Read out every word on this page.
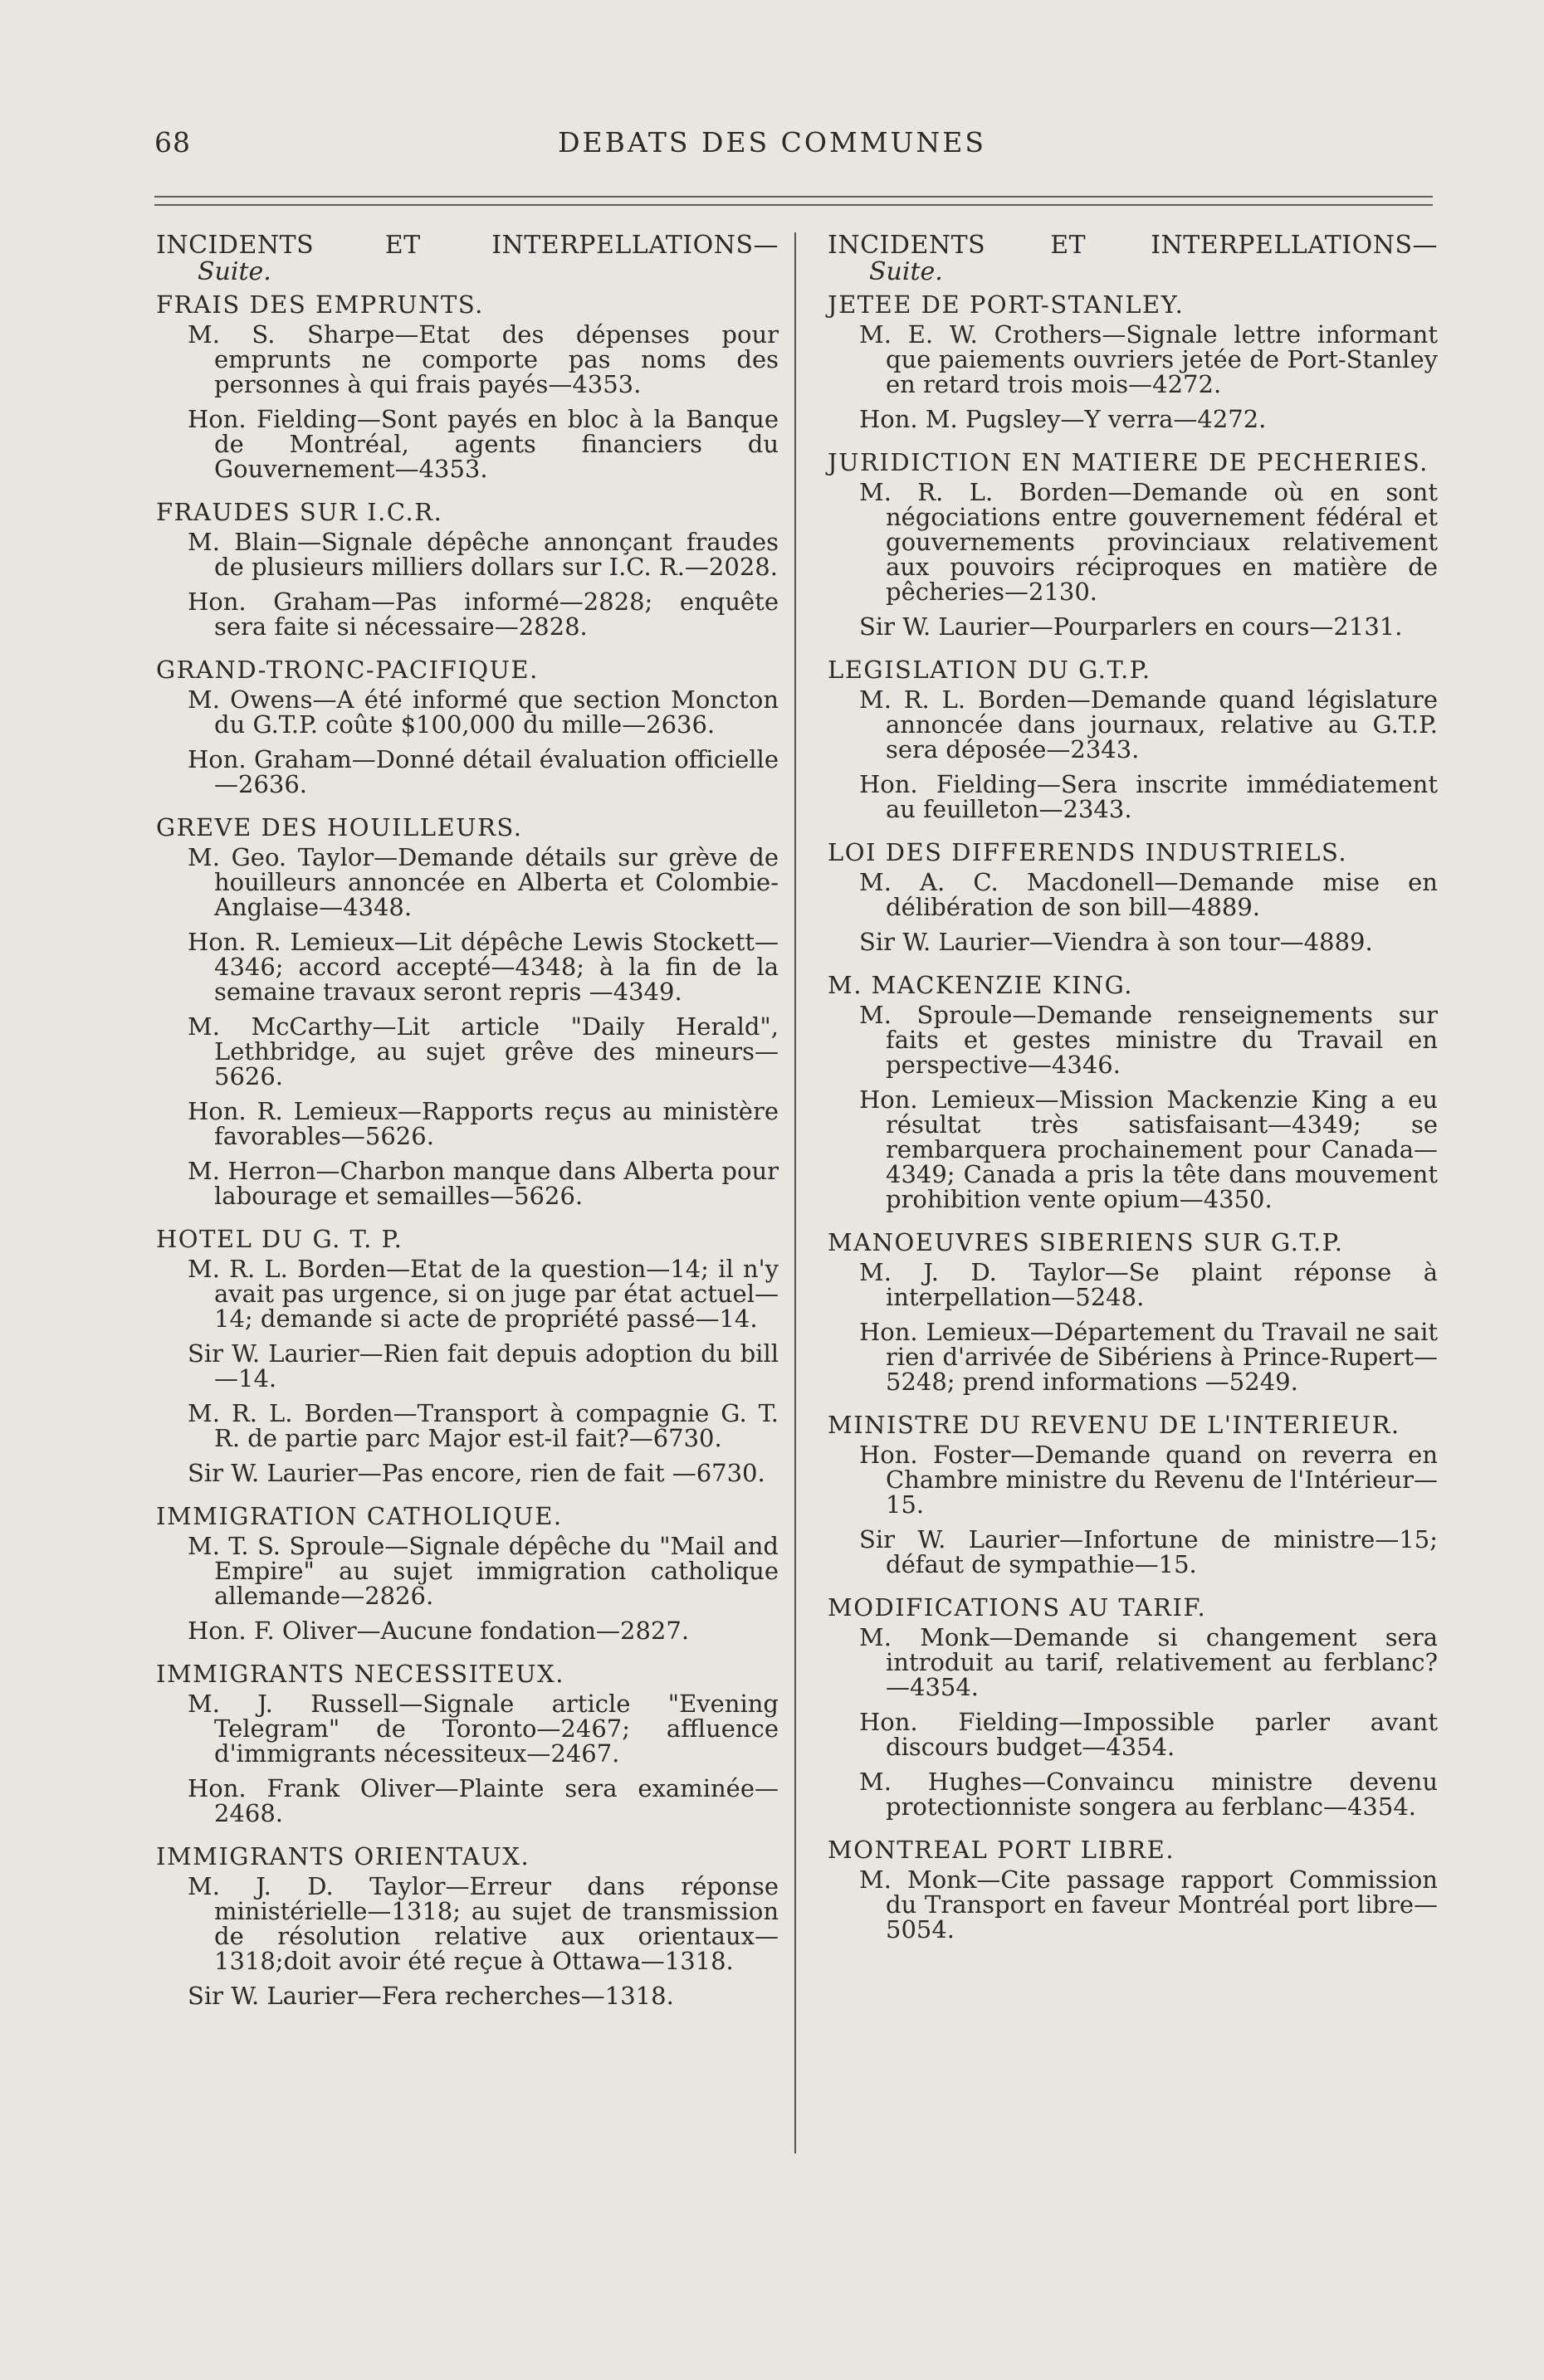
68	DEBATS DES COMMUNES
INCIDENTS	ET	INTERPELLATIONS—
Suite.
FRAIS DES EMPRUNTS.
M. S. Sharpe—Etat des dépenses pour emprunts ne comporte pas noms des personnes à qui frais payés—4353.
Hon. Fielding—Sont payés en bloc à la Banque de Montréal, agents financiers du Gouvernement—4353.
FRAUDES SUR I.C.R.
M. Blain—Signale dépêche annonçant fraudes de plusieurs milliers dollars sur I.C. R.—2028.
Hon. Graham—Pas informé—2828; enquête sera faite si nécessaire—2828.
GRAND-TRONC-PACIFIQUE.
M. Owens—A été informé que section Moncton du G.T.P. coûte $100,000 du mille—2636.
Hon. Graham—Donné détail évaluation officielle—2636.
GREVE DES HOUILLEURS.
M. Geo. Taylor—Demande détails sur grève de houilleurs annoncée en Alberta et Colombie-Anglaise—4348.
Hon. R. Lemieux—Lit dépêche Lewis Stockett—4346; accord accepté—4348; à la fin de la semaine travaux seront repris —4349.
M. McCarthy—Lit article "Daily Herald", Lethbridge, au sujet grêve des mineurs—5626.
Hon. R. Lemieux—Rapports reçus au ministère favorables—5626.
M. Herron—Charbon manque dans Alberta pour labourage et semailles—5626.
HOTEL DU G. T. P.
M. R. L. Borden—Etat de la question—14; il n'y avait pas urgence, si on juge par état actuel—14; demande si acte de propriété passé—14.
Sir W. Laurier—Rien fait depuis adoption du bill—14.
M. R. L. Borden—Transport à compagnie G. T. R. de partie parc Major est-il fait?—6730.
Sir W. Laurier—Pas encore, rien de fait —6730.
IMMIGRATION CATHOLIQUE.
M. T. S. Sproule—Signale dépêche du "Mail and Empire" au sujet immigration catholique allemande—2826.
Hon. F. Oliver—Aucune fondation—2827.
IMMIGRANTS NECESSITEUX.
M. J. Russell—Signale article "Evening Telegram" de Toronto—2467; affluence d'immigrants nécessiteux—2467.
Hon. Frank Oliver—Plainte sera examinée—2468.
IMMIGRANTS ORIENTAUX.
M. J. D. Taylor—Erreur dans réponse ministérielle—1318; au sujet de transmission de résolution relative aux orientaux—1318;doit avoir été reçue à Ottawa—1318.
Sir W. Laurier—Fera recherches—1318.
INCIDENTS	ET	INTERPELLATIONS—
Suite.
JETEE DE PORT-STANLEY.
M. E. W. Crothers—Signale lettre informant que paiements ouvriers jetée de Port-Stanley en retard trois mois—4272.
Hon. M. Pugsley—Y verra—4272.
JURIDICTION EN MATIERE DE PECHERIES.
M. R. L. Borden—Demande où en sont négociations entre gouvernement fédéral et gouvernements provinciaux relativement aux pouvoirs réciproques en matière de pêcheries—2130.
Sir W. Laurier—Pourparlers en cours—2131.
LEGISLATION DU G.T.P.
M. R. L. Borden—Demande quand législature annoncée dans journaux, relative au G.T.P. sera déposée—2343.
Hon. Fielding—Sera inscrite immédiatement au feuilleton—2343.
LOI DES DIFFERENDS INDUSTRIELS.
M. A. C. Macdonell—Demande mise en délibération de son bill—4889.
Sir W. Laurier—Viendra à son tour—4889.
M. MACKENZIE KING.
M. Sproule—Demande renseignements sur faits et gestes ministre du Travail en perspective—4346.
Hon. Lemieux—Mission Mackenzie King a eu résultat très satisfaisant—4349; se rembarquera prochainement pour Canada—4349; Canada a pris la tête dans mouvement prohibition vente opium—4350.
MANOEUVRES SIBERIENS SUR G.T.P.
M. J. D. Taylor—Se plaint réponse à interpellation—5248.
Hon. Lemieux—Département du Travail ne sait rien d'arrivée de Sibériens à Prince-Rupert—5248; prend informations —5249.
MINISTRE DU REVENU DE L'INTERIEUR.
Hon. Foster—Demande quand on reverra en Chambre ministre du Revenu de l'Intérieur—15.
Sir W. Laurier—Infortune de ministre—15; défaut de sympathie—15.
MODIFICATIONS AU TARIF.
M. Monk—Demande si changement sera introduit au tarif, relativement au ferblanc?—4354.
Hon. Fielding—Impossible parler avant discours budget—4354.
M. Hughes—Convaincu ministre devenu protectionniste songera au ferblanc—4354.
MONTREAL PORT LIBRE.
M. Monk—Cite passage rapport Commission du Transport en faveur Montréal port libre—5054.
